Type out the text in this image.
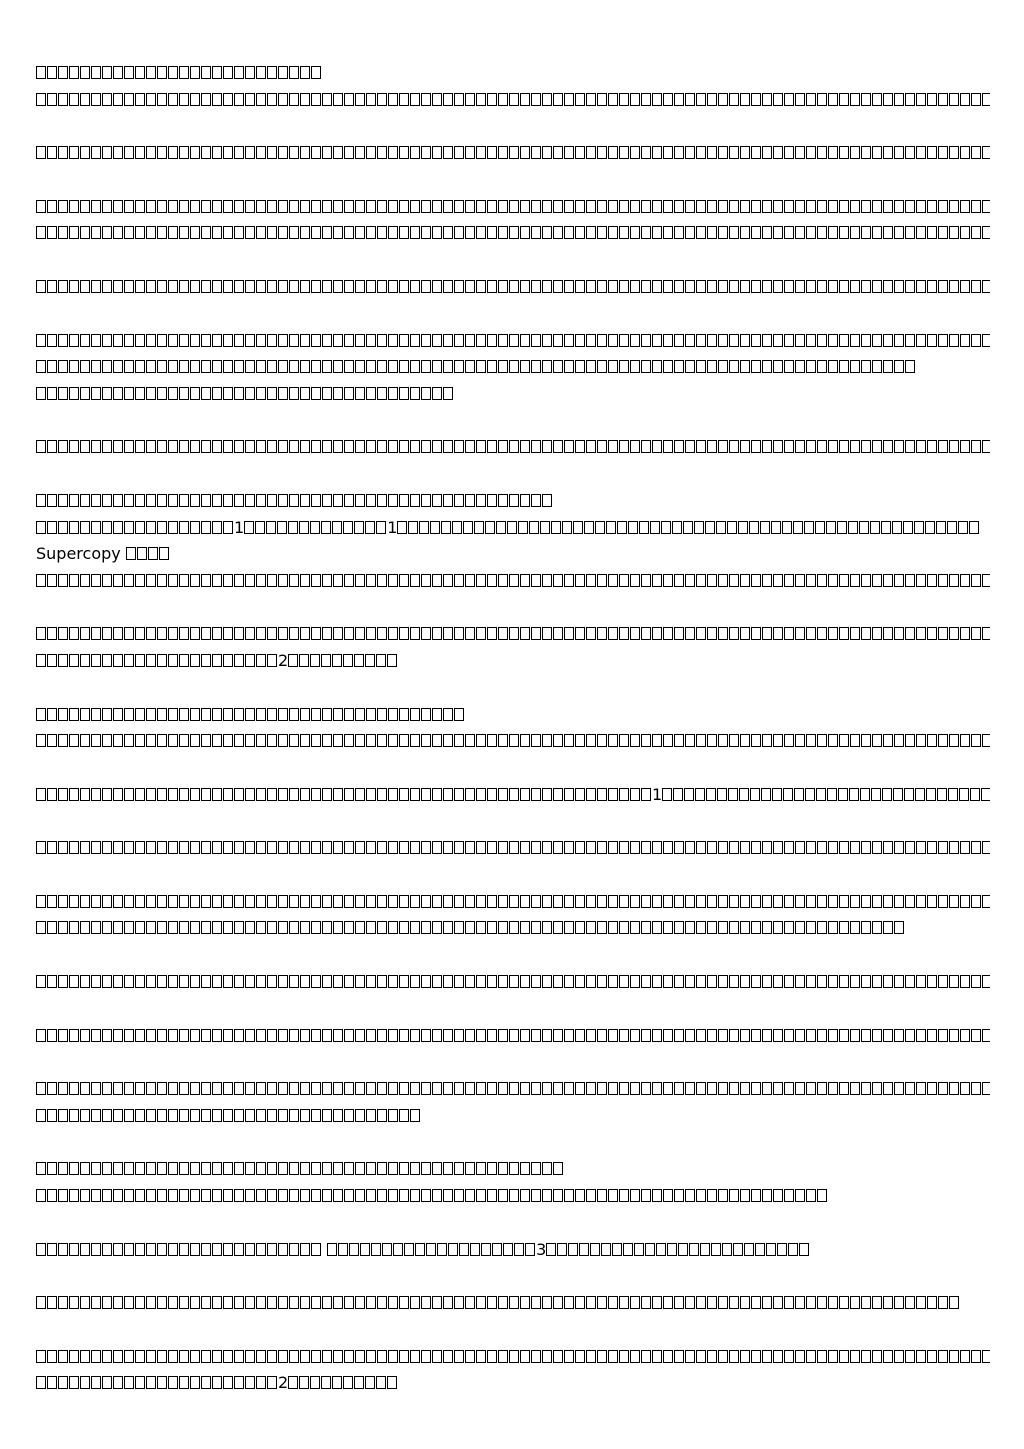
1	1
Supercopy
2
1
3
2
